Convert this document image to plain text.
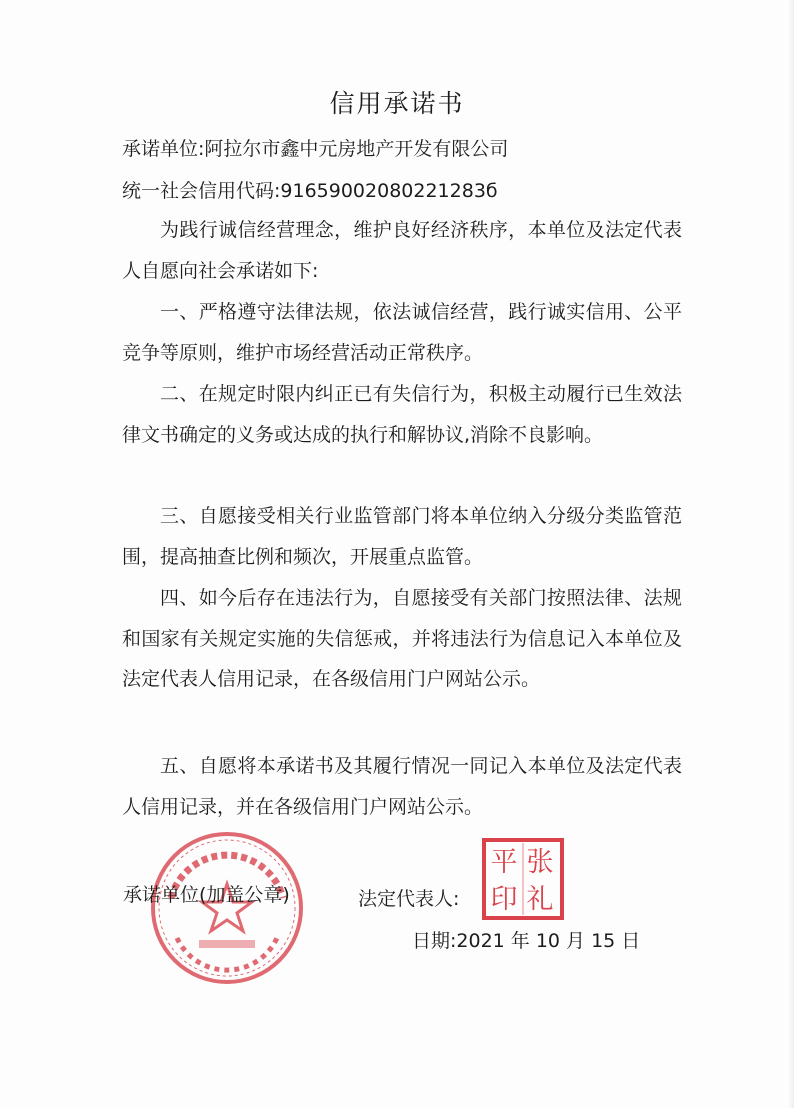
信用承诺书
承诺单位:阿拉尔市鑫中元房地产开发有限公司
统一社会信用代码:91659002080221283б
为践行诚信经营理念，维护良好经济秩序，本单位及法定代表人自愿向社会承诺如下:
一、严格遵守法律法规，依法诚信经营，践行诚实信用、公平竞争等原则，维护市场经营活动正常秩序。
二、在规定时限内纠正已有失信行为，积极主动履行已生效法律文书确定的义务或达成的执行和解协议,消除不良影响。
三、自愿接受相关行业监管部门将本单位纳入分级分类监管范围，提高抽查比例和频次，开展重点监管。
四、如今后存在违法行为，自愿接受有关部门按照法律、法规和国家有关规定实施的失信惩戒，并将违法行为信息记入本单位及法定代表人信用记录，在各级信用门户网站公示。
五、自愿将本承诺书及其履行情况一同记入本单位及法定代表人信用记录，并在各级信用门户网站公示。
承诺单位(加盖公章)	法定代表人:
张
礼
平
印
日期:2021 年 10 月 15 日
